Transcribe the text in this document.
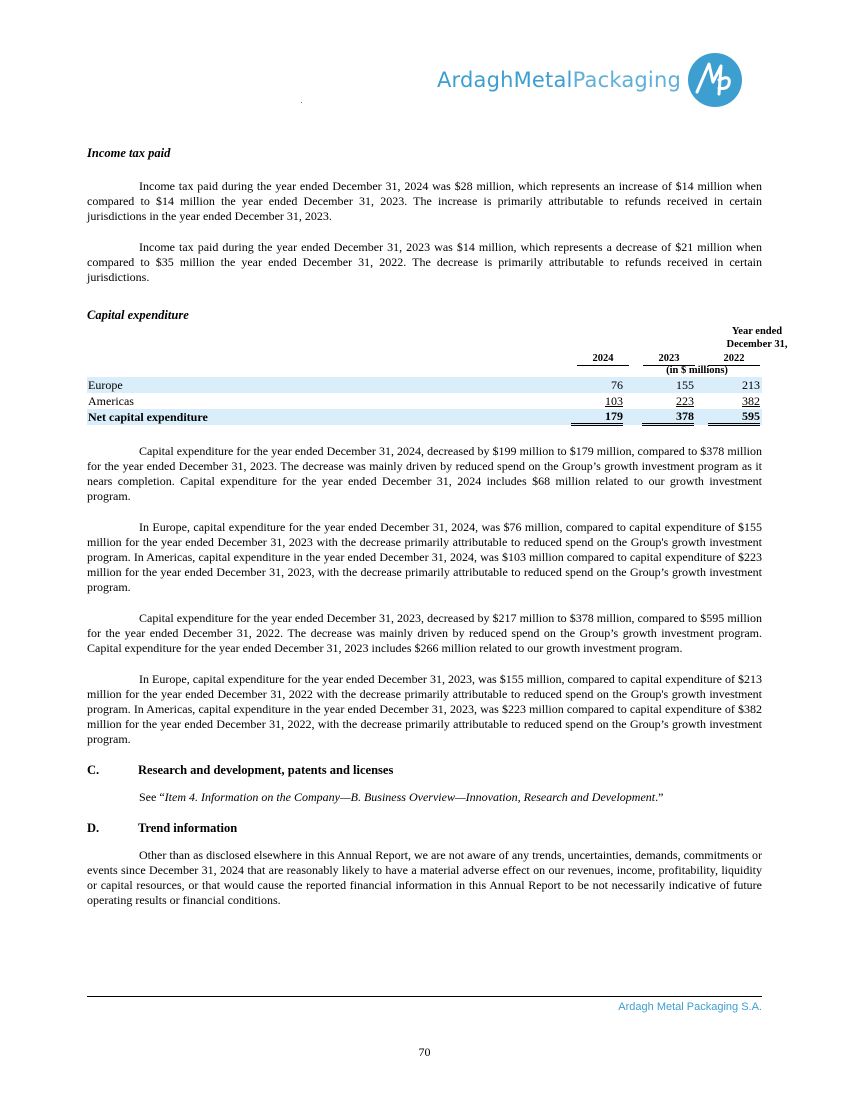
ArdaghMetalPackaging

Income tax paid

Income tax paid during the year ended December 31, 2024 was $28 million, which represents an increase of $14 million when compared to $14 million the year ended December 31, 2023. The increase is primarily attributable to refunds received in certain jurisdictions in the year ended December 31, 2023.

Income tax paid during the year ended December 31, 2023 was $14 million, which represents a decrease of $21 million when compared to $35 million the year ended December 31, 2022. The decrease is primarily attributable to refunds received in certain jurisdictions.

Capital expenditure

Year ended
December 31,
2024	2023	2022
(in $ millions)
Europe	76	155	213
Americas	103	223	382
Net capital expenditure	179	378	595

Capital expenditure for the year ended December 31, 2024, decreased by $199 million to $179 million, compared to $378 million for the year ended December 31, 2023. The decrease was mainly driven by reduced spend on the Group’s growth investment program as it nears completion. Capital expenditure for the year ended December 31, 2024 includes $68 million related to our growth investment program.

In Europe, capital expenditure for the year ended December 31, 2024, was $76 million, compared to capital expenditure of $155 million for the year ended December 31, 2023 with the decrease primarily attributable to reduced spend on the Group's growth investment program. In Americas, capital expenditure in the year ended December 31, 2024, was $103 million compared to capital expenditure of $223 million for the year ended December 31, 2023, with the decrease primarily attributable to reduced spend on the Group’s growth investment program.

Capital expenditure for the year ended December 31, 2023, decreased by $217 million to $378 million, compared to $595 million for the year ended December 31, 2022. The decrease was mainly driven by reduced spend on the Group’s growth investment program. Capital expenditure for the year ended December 31, 2023 includes $266 million related to our growth investment program.

In Europe, capital expenditure for the year ended December 31, 2023, was $155 million, compared to capital expenditure of $213 million for the year ended December 31, 2022 with the decrease primarily attributable to reduced spend on the Group's growth investment program. In Americas, capital expenditure in the year ended December 31, 2023, was $223 million compared to capital expenditure of $382 million for the year ended December 31, 2022, with the decrease primarily attributable to reduced spend on the Group’s growth investment program.

C.	Research and development, patents and licenses

See “Item 4. Information on the Company—B. Business Overview—Innovation, Research and Development.”

D.	Trend information

Other than as disclosed elsewhere in this Annual Report, we are not aware of any trends, uncertainties, demands, commitments or events since December 31, 2024 that are reasonably likely to have a material adverse effect on our revenues, income, profitability, liquidity or capital resources, or that would cause the reported financial information in this Annual Report to be not necessarily indicative of future operating results or financial conditions.

Ardagh Metal Packaging S.A.
70
